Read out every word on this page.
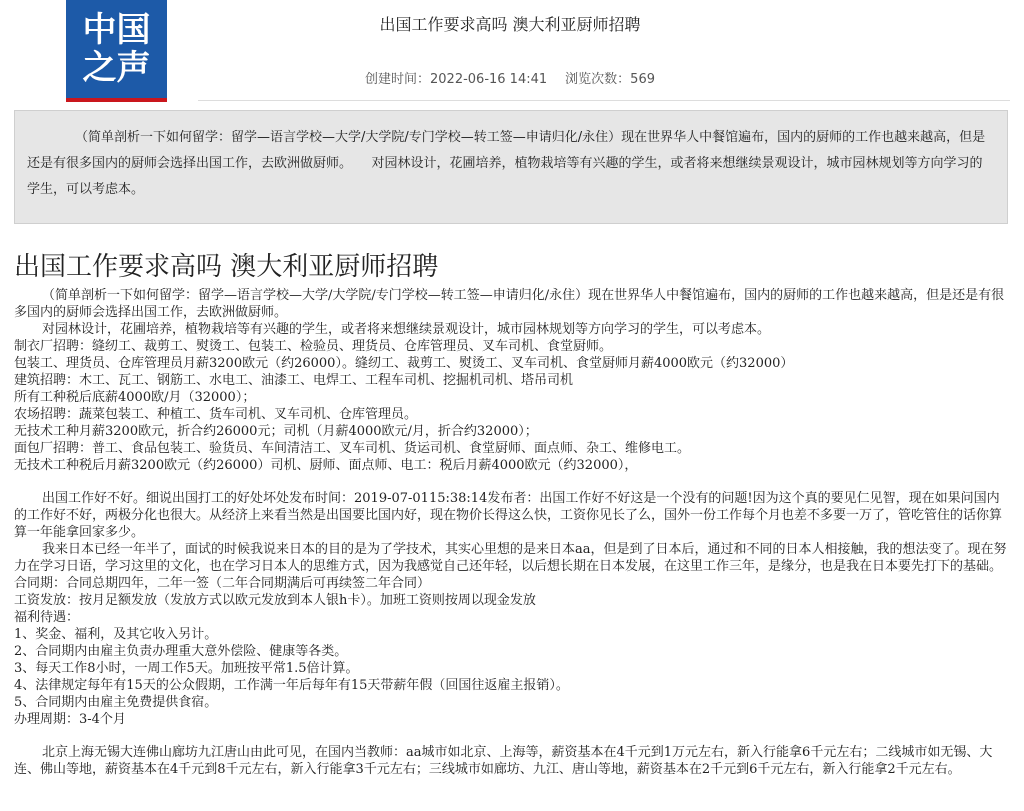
中国之声
出国工作要求高吗 澳大利亚厨师招聘
创建时间：2022-06-16 14:41 浏览次数：569
（简单剖析一下如何留学：留学—语言学校—大学/大学院/专门学校—转工签—申请归化/永住）现在世界华人中餐馆遍布，国内的厨师的工作也越来越高，但是还是有很多国内的厨师会选择出国工作，去欧洲做厨师。　　对园林设计，花圃培养，植物栽培等有兴趣的学生，或者将来想继续景观设计，城市园林规划等方向学习的学生，可以考虑本。
出国工作要求高吗 澳大利亚厨师招聘

（简单剖析一下如何留学：留学—语言学校—大学/大学院/专门学校—转工签—申请归化/永住）现在世界华人中餐馆遍布，国内的厨师的工作也越来越高，但是还是有很多国内的厨师会选择出国工作，去欧洲做厨师。

对园林设计，花圃培养，植物栽培等有兴趣的学生，或者将来想继续景观设计，城市园林规划等方向学习的学生，可以考虑本。

制衣厂招聘：缝纫工、裁剪工、熨烫工、包装工、检验员、理货员、仓库管理员、叉车司机、食堂厨师。

包装工、理货员、仓库管理员月薪3200欧元（约26000）。缝纫工、裁剪工、熨烫工、叉车司机、食堂厨师月薪4000欧元（约32000）

建筑招聘：木工、瓦工、钢筋工、水电工、油漆工、电焊工、工程车司机、挖掘机司机、塔吊司机

所有工种税后底薪4000欧/月（32000）；

农场招聘：蔬菜包装工、种植工、货车司机、叉车司机、仓库管理员。

无技术工种月薪3200欧元，折合约26000元；司机（月薪4000欧元/月，折合约32000）；

面包厂招聘：普工、食品包装工、验货员、车间清洁工、叉车司机、货运司机、食堂厨师、面点师、杂工、维修电工。

无技术工种税后月薪3200欧元（约26000）司机、厨师、面点师、电工：税后月薪4000欧元（约32000），

出国工作好不好。细说出国打工的好处坏处发布时间：2019-07-0115:38:14发布者：出国工作好不好这是一个没有的问题!因为这个真的要见仁见智，现在如果问国内的工作好不好，两极分化也很大。从经济上来看当然是出国要比国内好，现在物价长得这么快，工资你见长了么，国外一份工作每个月也差不多要一万了，管吃管住的话你算算一年能拿回家多少。

我来日本已经一年半了，面试的时候我说来日本的目的是为了学技术，其实心里想的是来日本aa，但是到了日本后，通过和不同的日本人相接触，我的想法变了。现在努力在学习日语，学习这里的文化，也在学习日本人的思维方式，因为我感觉自己还年轻，以后想长期在日本发展，在这里工作三年，是缘分，也是我在日本要先打下的基础。

合同期：合同总期四年，二年一签（二年合同期满后可再续签二年合同）

工资发放：按月足额发放（发放方式以欧元发放到本人银h卡）。加班工资则按周以现金发放

福利待遇：

1、奖金、福利，及其它收入另计。

2、合同期内由雇主负责办理重大意外偿险、健康等各类。

3、每天工作8小时，一周工作5天。加班按平常1.5倍计算。

4、法律规定每年有15天的公众假期，工作满一年后每年有15天带薪年假（回国往返雇主报销）。

5、合同期内由雇主免费提供食宿。

办理周期：3-4个月

北京上海无锡大连佛山廊坊九江唐山由此可见，在国内当教师：aa城市如北京、上海等，薪资基本在4千元到1万元左右，新入行能拿6千元左右；二线城市如无锡、大连、佛山等地，薪资基本在4千元到8千元左右，新入行能拿3千元左右；三线城市如廊坊、九江、唐山等地，薪资基本在2千元到6千元左右，新入行能拿2千元左右。
